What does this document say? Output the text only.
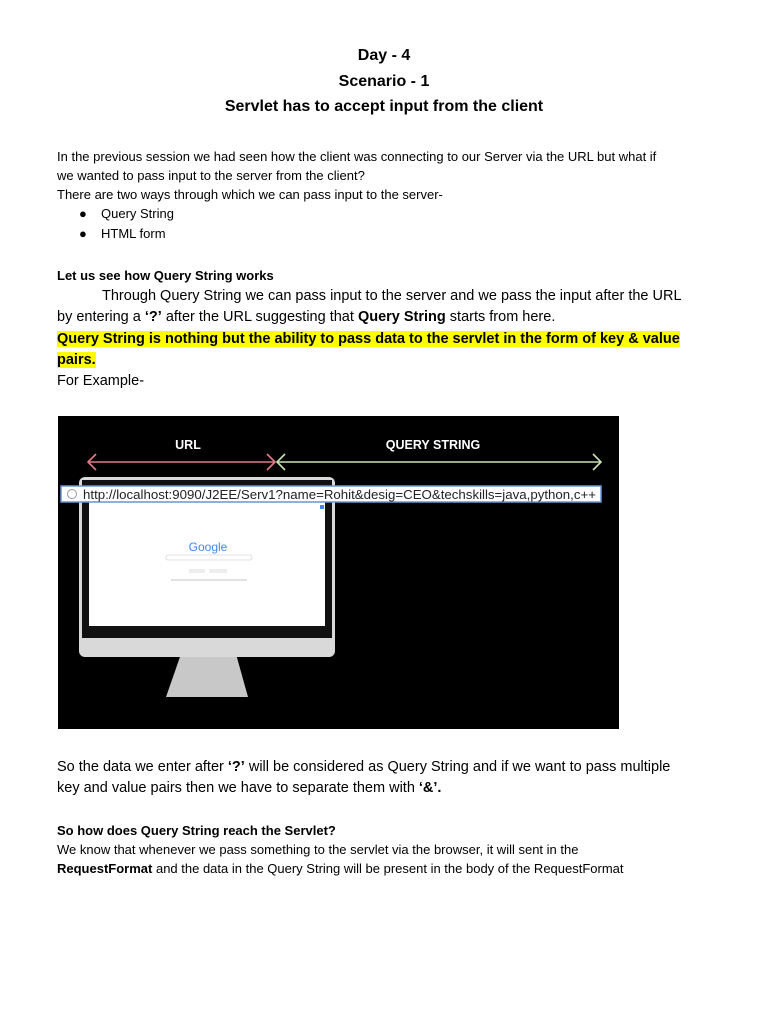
Day - 4
Scenario - 1
Servlet has to accept input from the client

In the previous session we had seen how the client was connecting to our Server via the URL but what if

we wanted to pass input to the server from the client?

There are two ways through which we can pass input to the server-

● Query String
● HTML form

Let us see how Query String works

Through Query String we can pass input to the server and we pass the input after the URL

by entering a ‘?’ after the URL suggesting that Query String starts from here.

Query String is nothing but the ability to pass data to the servlet in the form of key & value

pairs.

For Example-

http://localhost:9090/J2EE/Serv1?name=Rohit&desig=CEO&techskills=java,python,c++
URL	QUERY STRING
Google

So the data we enter after ‘?’ will be considered as Query String and if we want to pass multiple

key and value pairs then we have to separate them with ‘&’.

So how does Query String reach the Servlet?

We know that whenever we pass something to the servlet via the browser, it will sent in the

RequestFormat and the data in the Query String will be present in the body of the RequestFormat
